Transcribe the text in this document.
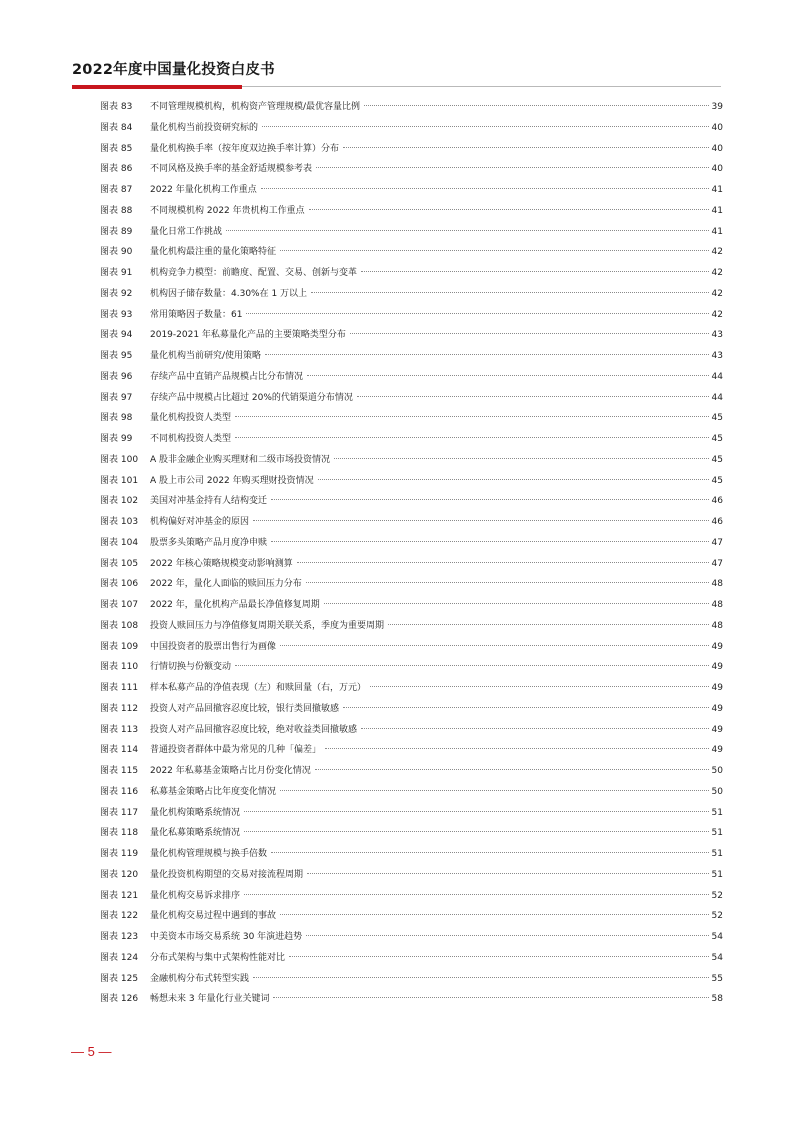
2022年度中国量化投资白皮书
图表 83	不同管理规模机构，机构资产管理规模/最优容量比例	39
图表 84	量化机构当前投资研究标的	40
图表 85	量化机构换手率（按年度双边换手率计算）分布	40
图表 86	不同风格及换手率的基金舒适规模参考表	40
图表 87	2022 年量化机构工作重点	41
图表 88	不同规模机构 2022 年贵机构工作重点	41
图表 89	量化日常工作挑战	41
图表 90	量化机构最注重的量化策略特征	42
图表 91	机构竞争力模型：前瞻度、配置、交易、创新与变革	42
图表 92	机构因子储存数量：4.30%在 1 万以上	42
图表 93	常用策略因子数量：61	42
图表 94	2019-2021 年私募量化产品的主要策略类型分布	43
图表 95	量化机构当前研究/使用策略	43
图表 96	存续产品中直销产品规模占比分布情况	44
图表 97	存续产品中规模占比超过 20%的代销渠道分布情况	44
图表 98	量化机构投资人类型	45
图表 99	不同机构投资人类型	45
图表 100	A 股非金融企业购买理财和二级市场投资情况	45
图表 101	A 股上市公司 2022 年购买理财投资情况	45
图表 102	美国对冲基金持有人结构变迁	46
图表 103	机构偏好对冲基金的原因	46
图表 104	股票多头策略产品月度净申赎	47
图表 105	2022 年核心策略规模变动影响测算	47
图表 106	2022 年，量化人面临的赎回压力分布	48
图表 107	2022 年，量化机构产品最长净值修复周期	48
图表 108	投资人赎回压力与净值修复周期关联关系，季度为重要周期	48
图表 109	中国投资者的股票出售行为画像	49
图表 110	行情切换与份额变动	49
图表 111	样本私募产品的净值表现（左）和赎回量（右，万元）	49
图表 112	投资人对产品回撤容忍度比较，银行类回撤敏感	49
图表 113	投资人对产品回撤容忍度比较，绝对收益类回撤敏感	49
图表 114	普通投资者群体中最为常见的几种「偏差」	49
图表 115	2022 年私募基金策略占比月份变化情况	50
图表 116	私募基金策略占比年度变化情况	50
图表 117	量化机构策略系统情况	51
图表 118	量化私募策略系统情况	51
图表 119	量化机构管理规模与换手倍数	51
图表 120	量化投资机构期望的交易对接流程周期	51
图表 121	量化机构交易诉求排序	52
图表 122	量化机构交易过程中遇到的事故	52
图表 123	中美资本市场交易系统 30 年演进趋势	54
图表 124	分布式架构与集中式架构性能对比	54
图表 125	金融机构分布式转型实践	55
图表 126	畅想未来 3 年量化行业关键词	58
— 5 —
